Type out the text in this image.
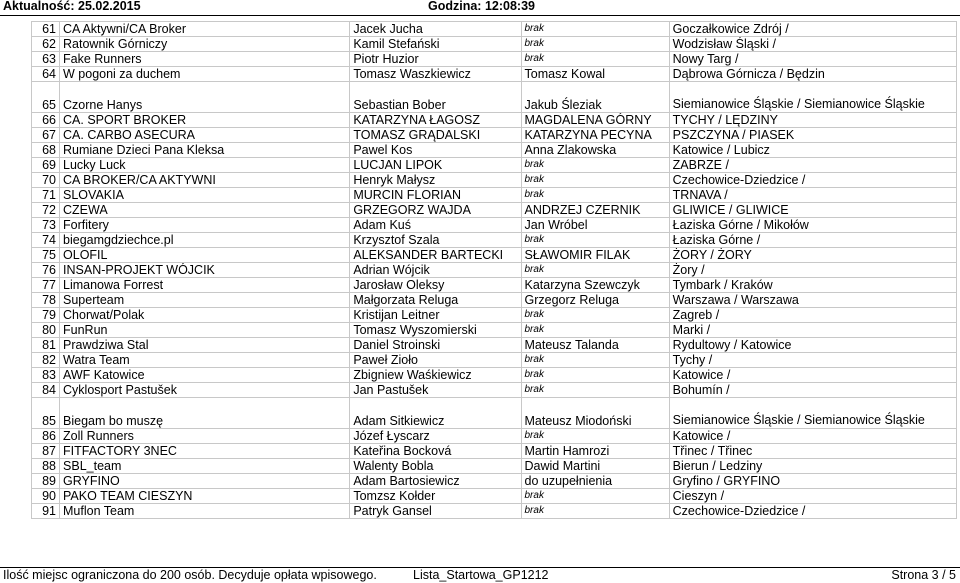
Aktualność: 25.02.2015	Godzina: 12:08:39
61	CA Aktywni/CA Broker	Jacek Jucha	brak	Goczałkowice Zdrój /
62	Ratownik Górniczy	Kamil Stefański	brak	Wodzisław Śląski /
63	Fake Runners	Piotr Huzior	brak	Nowy Targ /
64	W pogoni za duchem	Tomasz Waszkiewicz	Tomasz Kowal	Dąbrowa Górnicza / Będzin
65	Czorne Hanys	Sebastian Bober	Jakub Śleziak	Siemianowice Śląskie / Siemianowice Śląskie
66	CA. SPORT BROKER	KATARZYNA ŁAGOSZ	MAGDALENA GÓRNY	TYCHY / LĘDZINY
67	CA. CARBO ASECURA	TOMASZ GRĄDALSKI	KATARZYNA PECYNA	PSZCZYNA / PIASEK
68	Rumiane Dzieci Pana Kleksa	Pawel Kos	Anna Zlakowska	Katowice / Lubicz
69	Lucky Luck	LUCJAN LIPOK	brak	ZABRZE /
70	CA BROKER/CA AKTYWNI	Henryk Małysz	brak	Czechowice-Dziedzice /
71	SLOVAKIA	MURCIN FLORIAN	brak	TRNAVA /
72	CZEWA	GRZEGORZ WAJDA	ANDRZEJ CZERNIK	GLIWICE / GLIWICE
73	Forfitery	Adam Kuś	Jan Wróbel	Łaziska Górne / Mikołów
74	biegamgdziechce.pl	Krzysztof Szala	brak	Łaziska Górne /
75	OLOFIL	ALEKSANDER BARTECKI	SŁAWOMIR FILAK	ŻORY / ŻORY
76	INSAN-PROJEKT WÓJCIK	Adrian Wójcik	brak	Żory /
77	Limanowa Forrest	Jarosław Oleksy	Katarzyna Szewczyk	Tymbark / Kraków
78	Superteam	Małgorzata Reluga	Grzegorz Reluga	Warszawa / Warszawa
79	Chorwat/Polak	Kristijan Leitner	brak	Zagreb /
80	FunRun	Tomasz Wyszomierski	brak	Marki /
81	Prawdziwa Stal	Daniel Stroinski	Mateusz Talanda	Rydultowy / Katowice
82	Watra Team	Paweł Zioło	brak	Tychy /
83	AWF Katowice	Zbigniew Waśkiewicz	brak	Katowice /
84	Cyklosport Pastušek	Jan Pastušek	brak	Bohumín /
85	Biegam bo muszę	Adam Sitkiewicz	Mateusz Miodoński	Siemianowice Śląskie / Siemianowice Śląskie
86	Zoll Runners	Józef Łyscarz	brak	Katowice /
87	FITFACTORY 3NEC	Kateřina Bocková	Martin Hamrozi	Třinec / Třinec
88	SBL_team	Walenty Bobla	Dawid Martini	Bierun / Ledziny
89	GRYFINO	Adam Bartosiewicz	do uzupełnienia	Gryfino / GRYFINO
90	PAKO TEAM CIESZYN	Tomzsz Kołder	brak	Cieszyn /
91	Muflon Team	Patryk Gansel	brak	Czechowice-Dziedzice /
Ilość miejsc ograniczona do 200 osób. Decyduje opłata wpisowego.	Lista_Startowa_GP1212	Strona 3 / 5
